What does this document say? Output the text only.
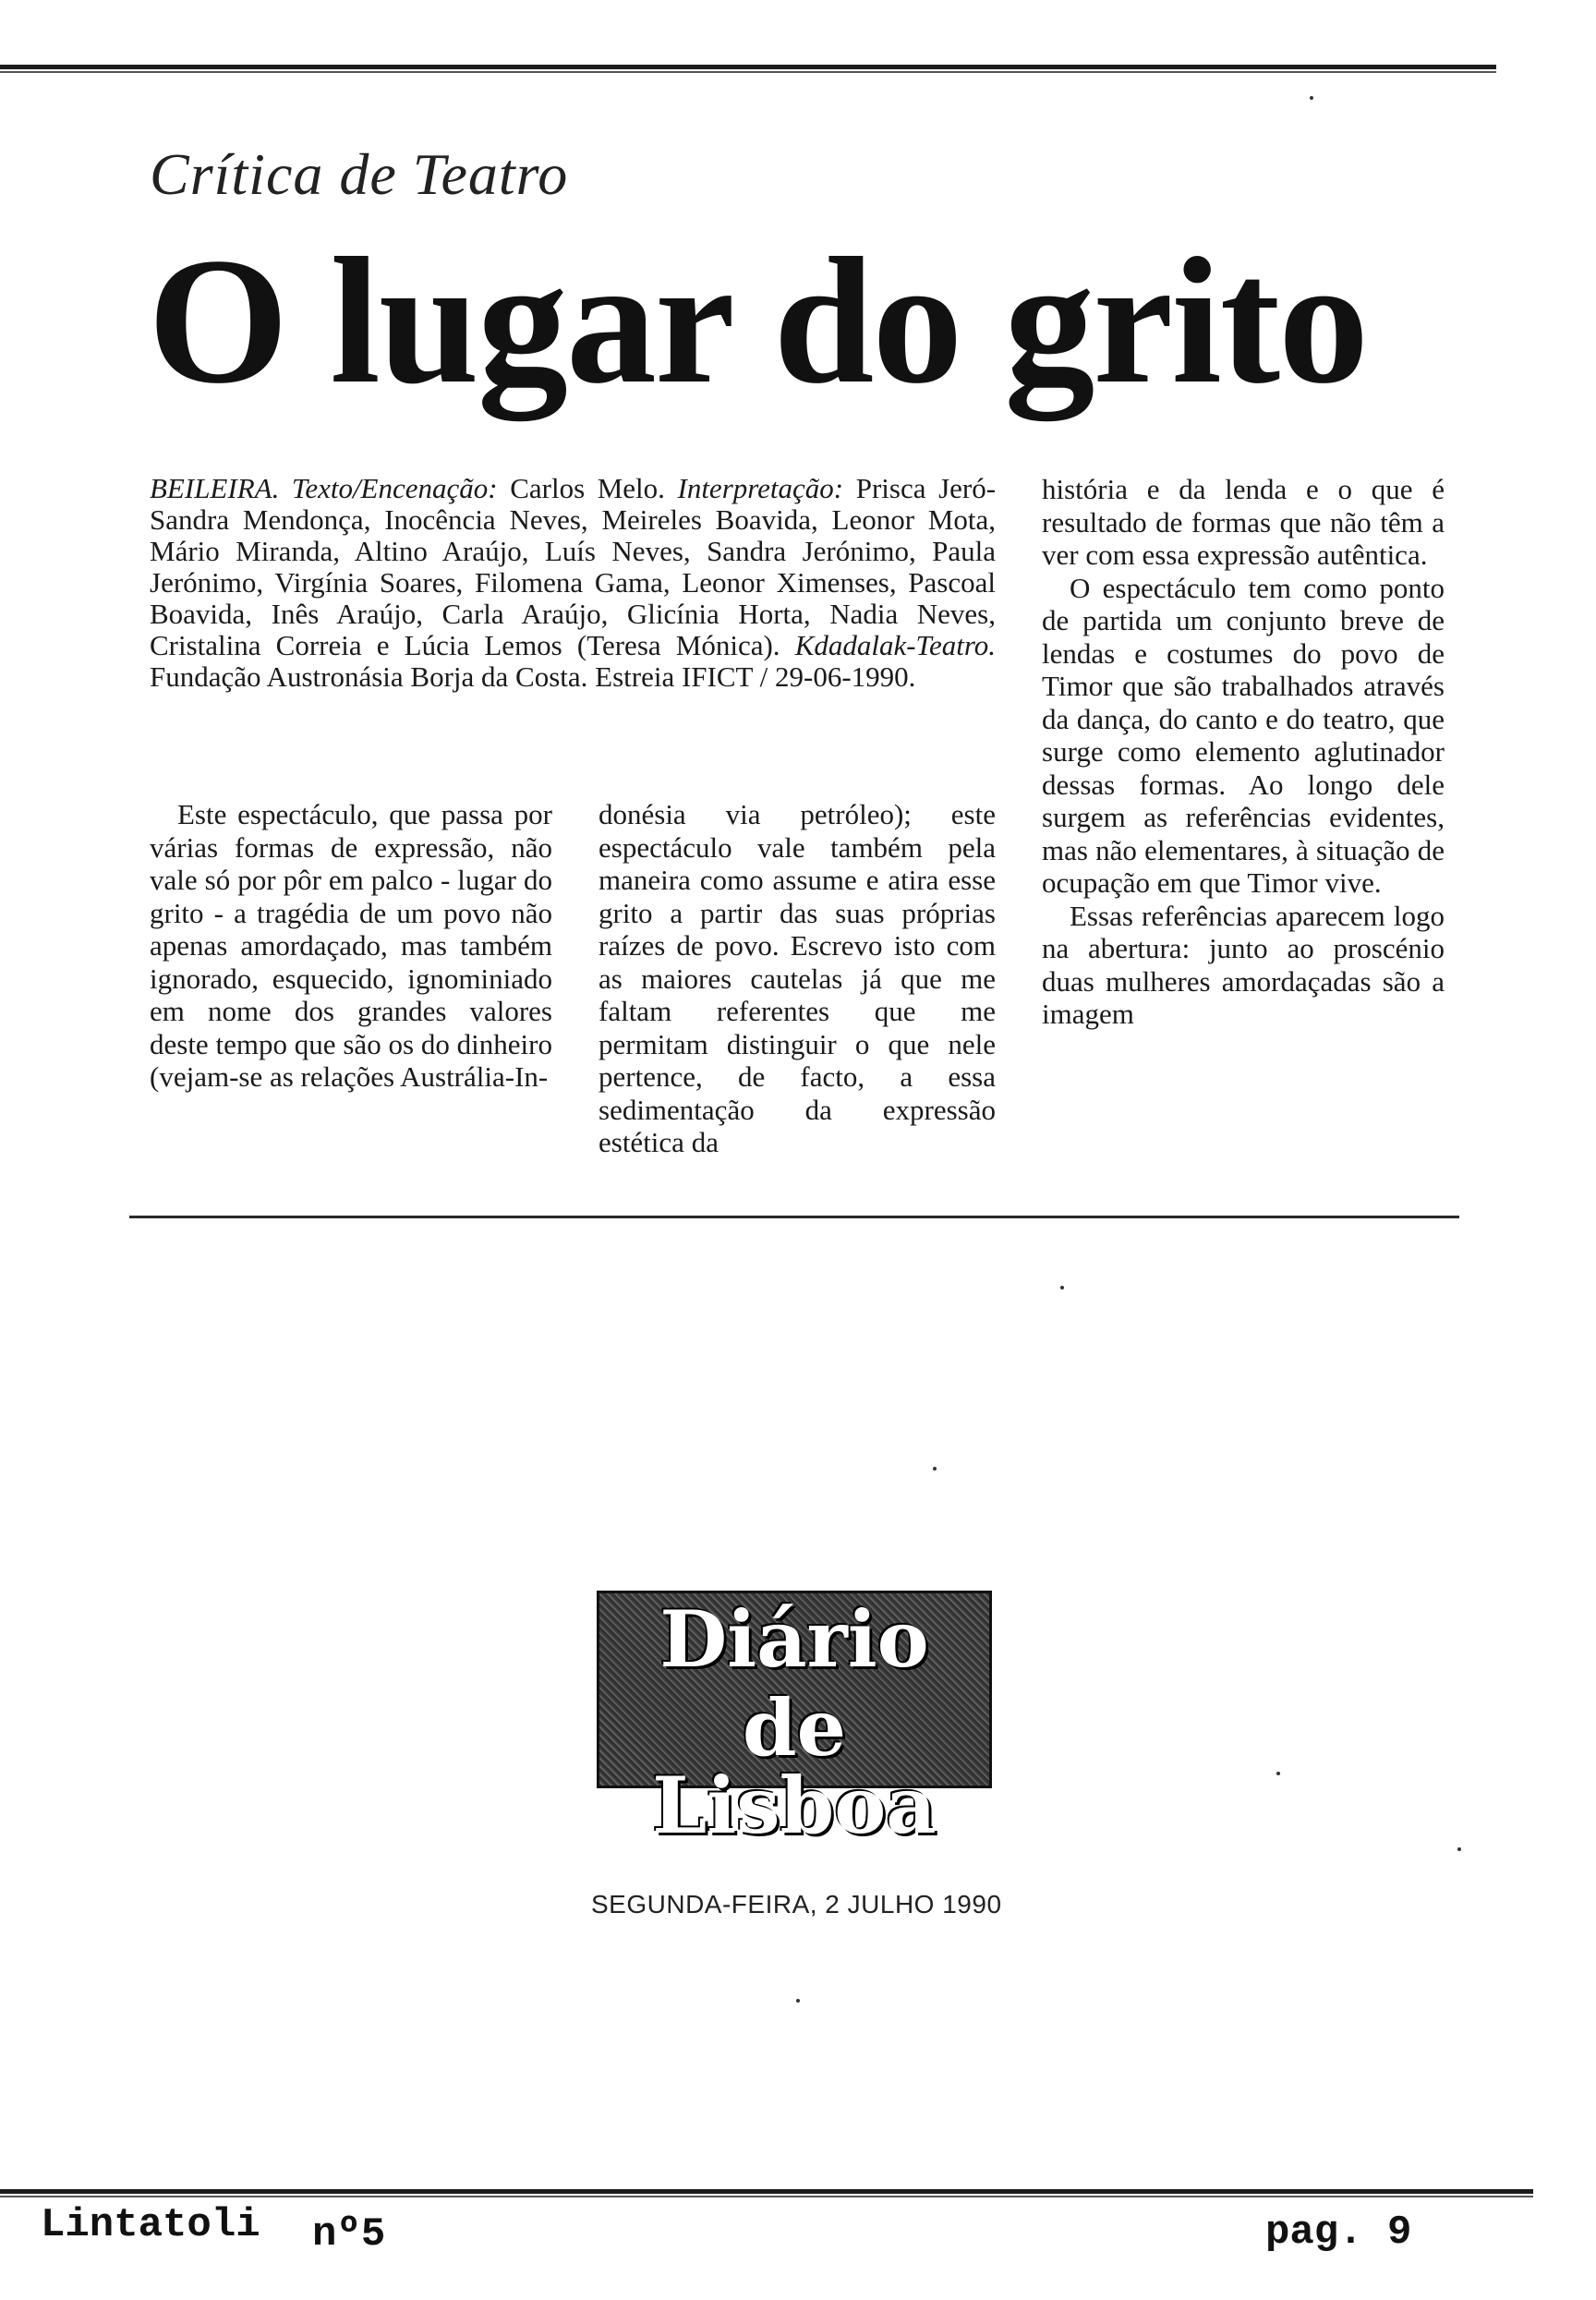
Crítica de Teatro
O lugar do grito
BEILEIRA. Texto/Encenação: Carlos Melo. Interpretação: Prisca Jeró-Sandra Mendonça, Inocência Neves, Meireles Boavida, Leonor Mota, Mário Miranda, Altino Araújo, Luís Neves, Sandra Jerónimo, Paula Jerónimo, Virgínia Soares, Filomena Gama, Leonor Ximenses, Pascoal Boavida, Inês Araújo, Carla Araújo, Glicínia Horta, Nadia Neves, Cristalina Correia e Lúcia Lemos (Teresa Mónica). Kdadalak-Teatro. Fundação Austronásia Borja da Costa. Estreia IFICT / 29-06-1990.

Este espectáculo, que passa por várias formas de expressão, não vale só por pôr em palco - lugar do grito - a tragédia de um povo não apenas amordaçado, mas também ignorado, esquecido, ignominiado em nome dos grandes valores deste tempo que são os do dinheiro (vejam-se as relações Austrália-In-

donésia via petróleo); este espectáculo vale também pela maneira como assume e atira esse grito a partir das suas próprias raízes de povo. Escrevo isto com as maiores cautelas já que me faltam referentes que me permitam distinguir o que nele pertence, de facto, a essa sedimentação da expressão estética da

história e da lenda e o que é resultado de formas que não têm a ver com essa expressão autêntica.

O espectáculo tem como ponto de partida um conjunto breve de lendas e costumes do povo de Timor que são trabalhados através da dança, do canto e do teatro, que surge como elemento aglutinador dessas formas. Ao longo dele surgem as referências evidentes, mas não elementares, à situação de ocupação em que Timor vive.

Essas referências aparecem logo na abertura: junto ao proscénio duas mulheres amordaçadas são a imagem

Diário
de Lisboa
SEGUNDA-FEIRA, 2 JULHO 1990
Lintatoli nº5	pag. 9
